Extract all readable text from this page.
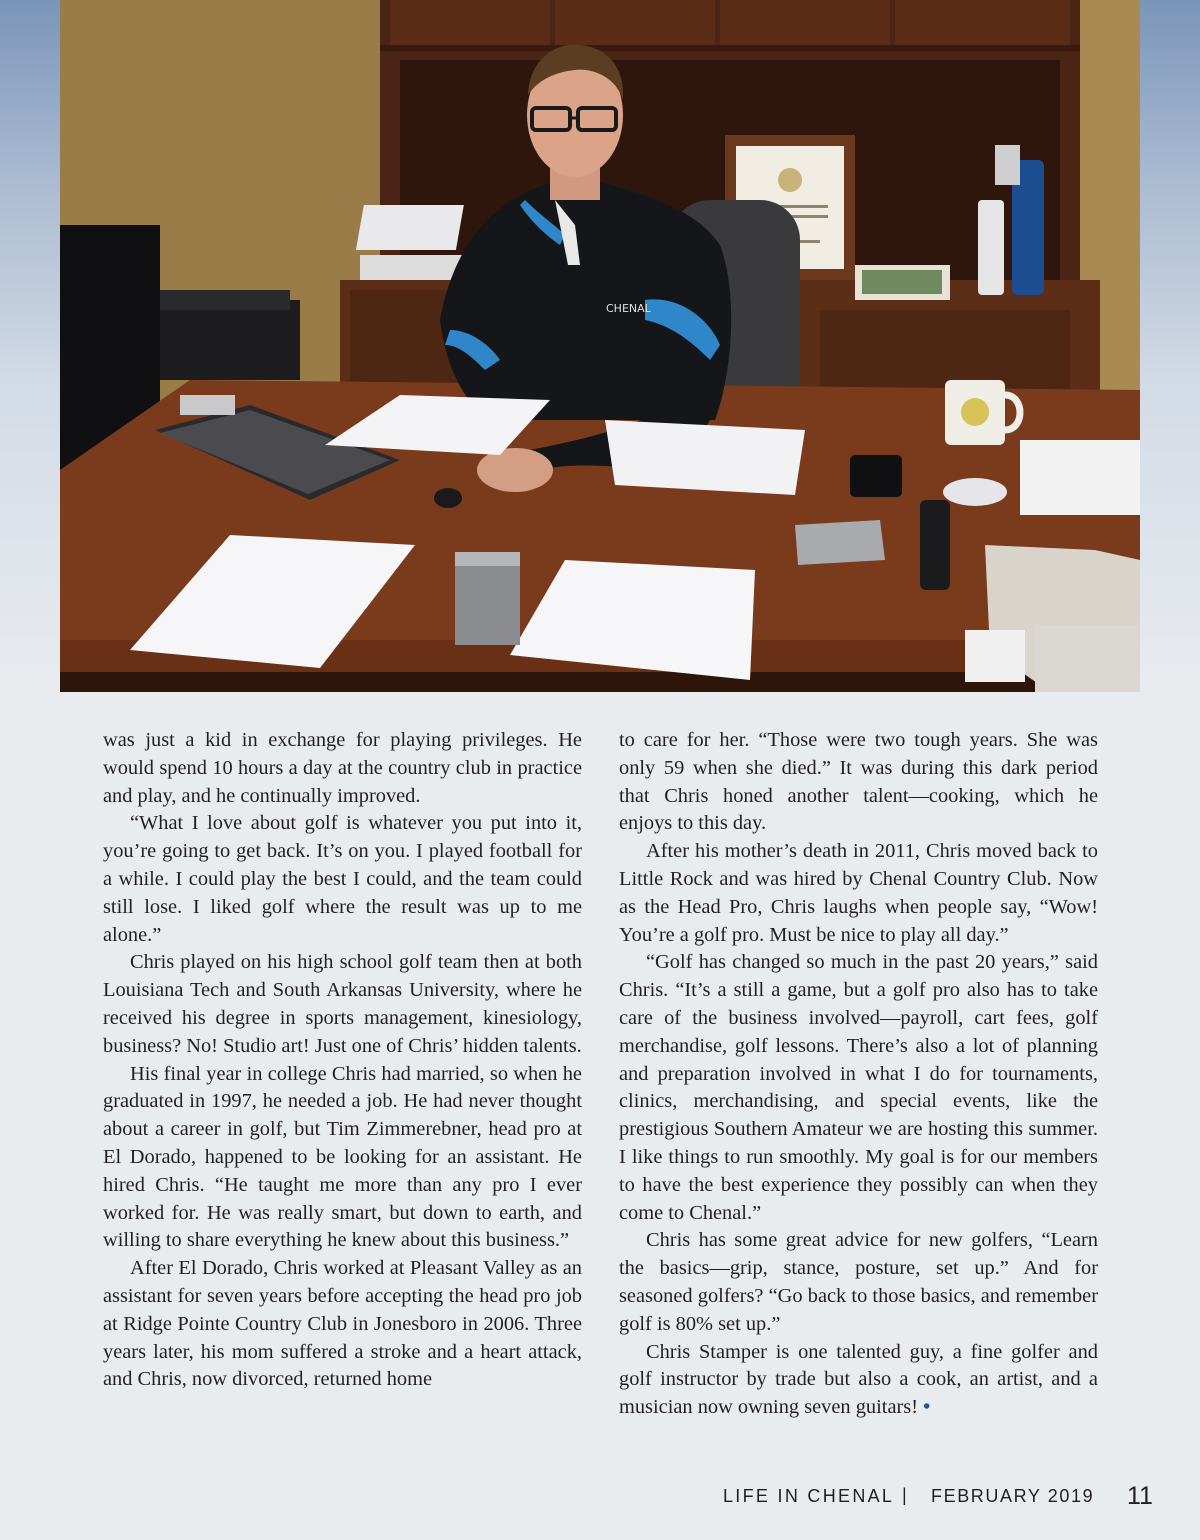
CHENAL

was just a kid in exchange for playing privileges. He would spend 10 hours a day at the country club in practice and play, and he continually improved.

“What I love about golf is whatever you put into it, you’re going to get back. It’s on you. I played football for a while. I could play the best I could, and the team could still lose. I liked golf where the result was up to me alone.”

Chris played on his high school golf team then at both Louisiana Tech and South Arkansas University, where he received his degree in sports management, kinesiology, business? No! Studio art! Just one of Chris’ hidden talents.

His final year in college Chris had married, so when he graduated in 1997, he needed a job. He had never thought about a career in golf, but Tim Zimmerebner, head pro at El Dorado, happened to be looking for an assistant. He hired Chris. “He taught me more than any pro I ever worked for. He was really smart, but down to earth, and willing to share everything he knew about this business.”

After El Dorado, Chris worked at Pleasant Valley as an assistant for seven years before accepting the head pro job at Ridge Pointe Country Club in Jonesboro in 2006. Three years later, his mom suffered a stroke and a heart attack, and Chris, now divorced, returned home

to care for her. “Those were two tough years. She was only 59 when she died.” It was during this dark period that Chris honed another talent—cooking, which he enjoys to this day.

After his mother’s death in 2011, Chris moved back to Little Rock and was hired by Chenal Country Club. Now as the Head Pro, Chris laughs when people say, “Wow! You’re a golf pro. Must be nice to play all day.”

“Golf has changed so much in the past 20 years,” said Chris. “It’s a still a game, but a golf pro also has to take care of the business involved—payroll, cart fees, golf merchandise, golf lessons. There’s also a lot of planning and preparation involved in what I do for tournaments, clinics, merchandising, and special events, like the prestigious Southern Amateur we are hosting this summer. I like things to run smoothly. My goal is for our members to have the best experience they possibly can when they come to Chenal.”

Chris has some great advice for new golfers, “Learn the basics—grip, stance, posture, set up.” And for seasoned golfers? “Go back to those basics, and remember golf is 80% set up.”

Chris Stamper is one talented guy, a fine golfer and golf instructor by trade but also a cook, an artist, and a musician now owning seven guitars! •

LIFE IN CHENAL | FEBRUARY 2019 11
